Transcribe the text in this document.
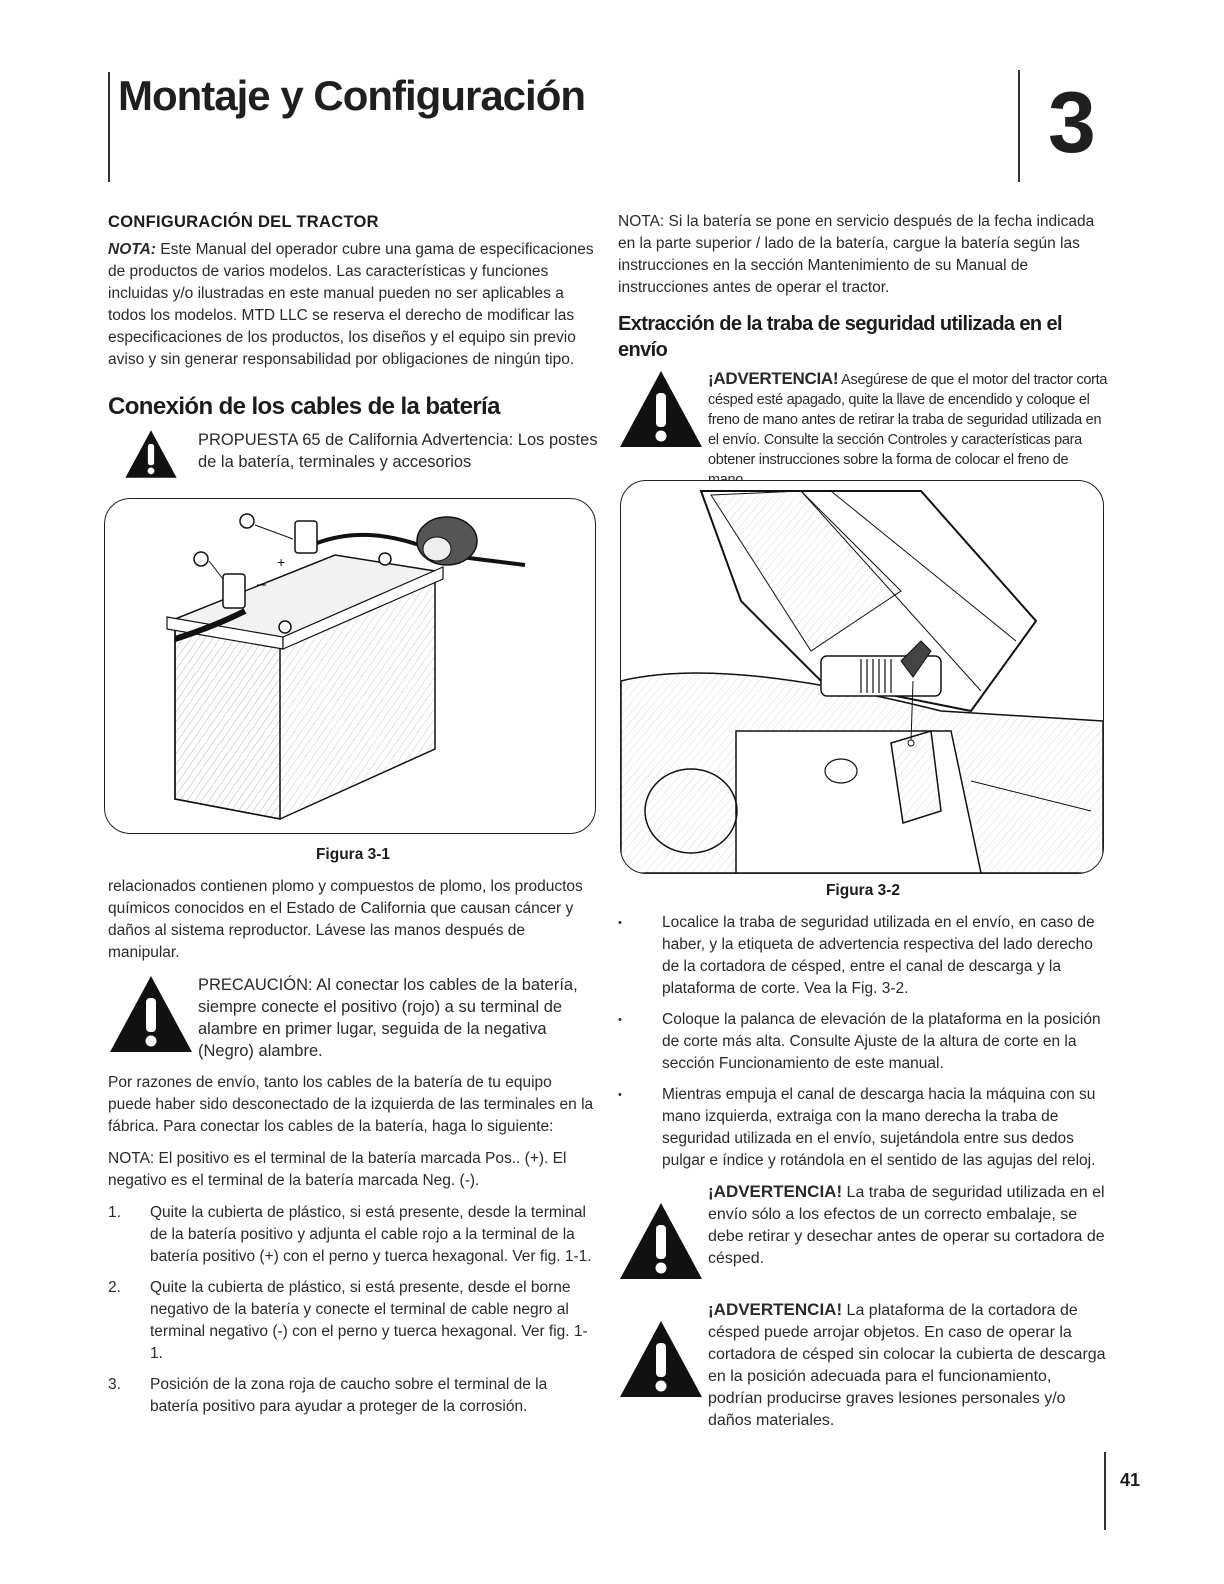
Montaje y Configuración	3

CONFIGURACIÓN DEL TRACTOR

NOTA: Este Manual del operador cubre una gama de especificaciones de productos de varios modelos. Las características y funciones incluidas y/o ilustradas en este manual pueden no ser aplicables a todos los modelos. MTD LLC se reserva el derecho de modificar las especificaciones de los productos, los diseños y el equipo sin previo aviso y sin generar responsabilidad por obligaciones de ningún tipo.

Conexión de los cables de la batería

PROPUESTA 65 de California Advertencia: Los postes de la batería, terminales y accesorios

–
+

Figura 3-1

relacionados contienen plomo y compuestos de plomo, los productos químicos conocidos en el Estado de California que causan cáncer y daños al sistema reproductor. Lávese las manos después de manipular.

PRECAUCIÓN: Al conectar los cables de la batería, siempre conecte el positivo (rojo) a su terminal de alambre en primer lugar, seguida de la negativa (Negro) alambre.

Por razones de envío, tanto los cables de la batería de tu equipo puede haber sido desconectado de la izquierda de las terminales en la fábrica. Para conectar los cables de la batería, haga lo siguiente:

NOTA: El positivo es el terminal de la batería marcada Pos.. (+). El negativo es el terminal de la batería marcada Neg. (-).

1.	Quite la cubierta de plástico, si está presente, desde la terminal de la batería positivo y adjunta el cable rojo a la terminal de la batería positivo (+) con el perno y tuerca hexagonal. Ver fig. 1-1.
2.	Quite la cubierta de plástico, si está presente, desde el borne negativo de la batería y conecte el terminal de cable negro al terminal negativo (-) con el perno y tuerca hexagonal. Ver fig. 1-1.
3.	Posición de la zona roja de caucho sobre el terminal de la batería positivo para ayudar a proteger de la corrosión.

NOTA: Si la batería se pone en servicio después de la fecha indicada en la parte superior / lado de la batería, cargue la batería según las instrucciones en la sección Mantenimiento de su Manual de instrucciones antes de operar el tractor.

Extracción de la traba de seguridad utilizada en el envío

¡ADVERTENCIA! Asegúrese de que el motor del tractor corta césped esté apagado, quite la llave de encendido y coloque el freno de mano antes de retirar la traba de seguridad utilizada en el envío. Consulte la sección Controles y características para obtener instrucciones sobre la forma de colocar el freno de

Figura 3-2

•	Localice la traba de seguridad utilizada en el envío, en caso de haber, y la etiqueta de advertencia respectiva del lado derecho de la cortadora de césped, entre el canal de descarga y la plataforma de corte. Vea la Fig. 3-2.
•	Coloque la palanca de elevación de la plataforma en la posición de corte más alta. Consulte Ajuste de la altura de corte en la sección Funcionamiento de este manual.
•	Mientras empuja el canal de descarga hacia la máquina con su mano izquierda, extraiga con la mano derecha la traba de seguridad utilizada en el envío, sujetándola entre sus dedos pulgar e índice y rotándola en el sentido de las agujas del reloj.

¡ADVERTENCIA! La traba de seguridad utilizada en el envío sólo a los efectos de un correcto embalaje, se debe retirar y desechar antes de operar su cortadora de césped.

¡ADVERTENCIA! La plataforma de la cortadora de césped puede arrojar objetos. En caso de operar la cortadora de césped sin colocar la cubierta de descarga en la posición adecuada para el funcionamiento, podrían producirse graves lesiones personales y/o daños materiales.

41
